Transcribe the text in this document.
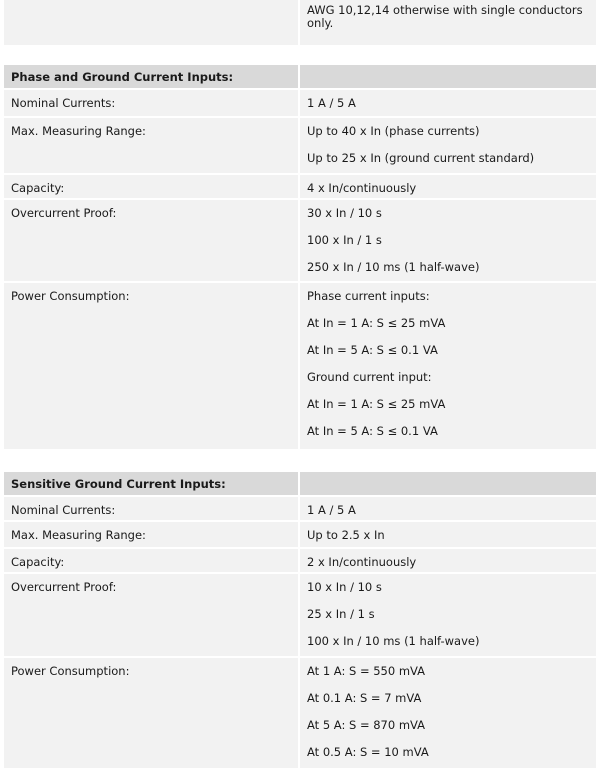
AWG 10,12,14 otherwise with single conductors
only.
Phase and Ground Current Inputs:
Nominal Currents:	1 A / 5 A
Max. Measuring Range:	Up to 40 x In (phase currents)
Up to 25 x In (ground current standard)
Capacity:	4 x In/continuously
Overcurrent Proof:	30 x In / 10 s
100 x In / 1 s
250 x In / 10 ms (1 half-wave)
Power Consumption:	Phase current inputs:
At In = 1 A: S ≤ 25 mVA
At In = 5 A: S ≤ 0.1 VA
Ground current input:
At In = 1 A: S ≤ 25 mVA
At In = 5 A: S ≤ 0.1 VA
Sensitive Ground Current Inputs:
Nominal Currents:	1 A / 5 A
Max. Measuring Range:	Up to 2.5 x In
Capacity:	2 x In/continuously
Overcurrent Proof:	10 x In / 10 s
25 x In / 1 s
100 x In / 10 ms (1 half-wave)
Power Consumption:	At 1 A: S = 550 mVA
At 0.1 A: S = 7 mVA
At 5 A: S = 870 mVA
At 0.5 A: S = 10 mVA
